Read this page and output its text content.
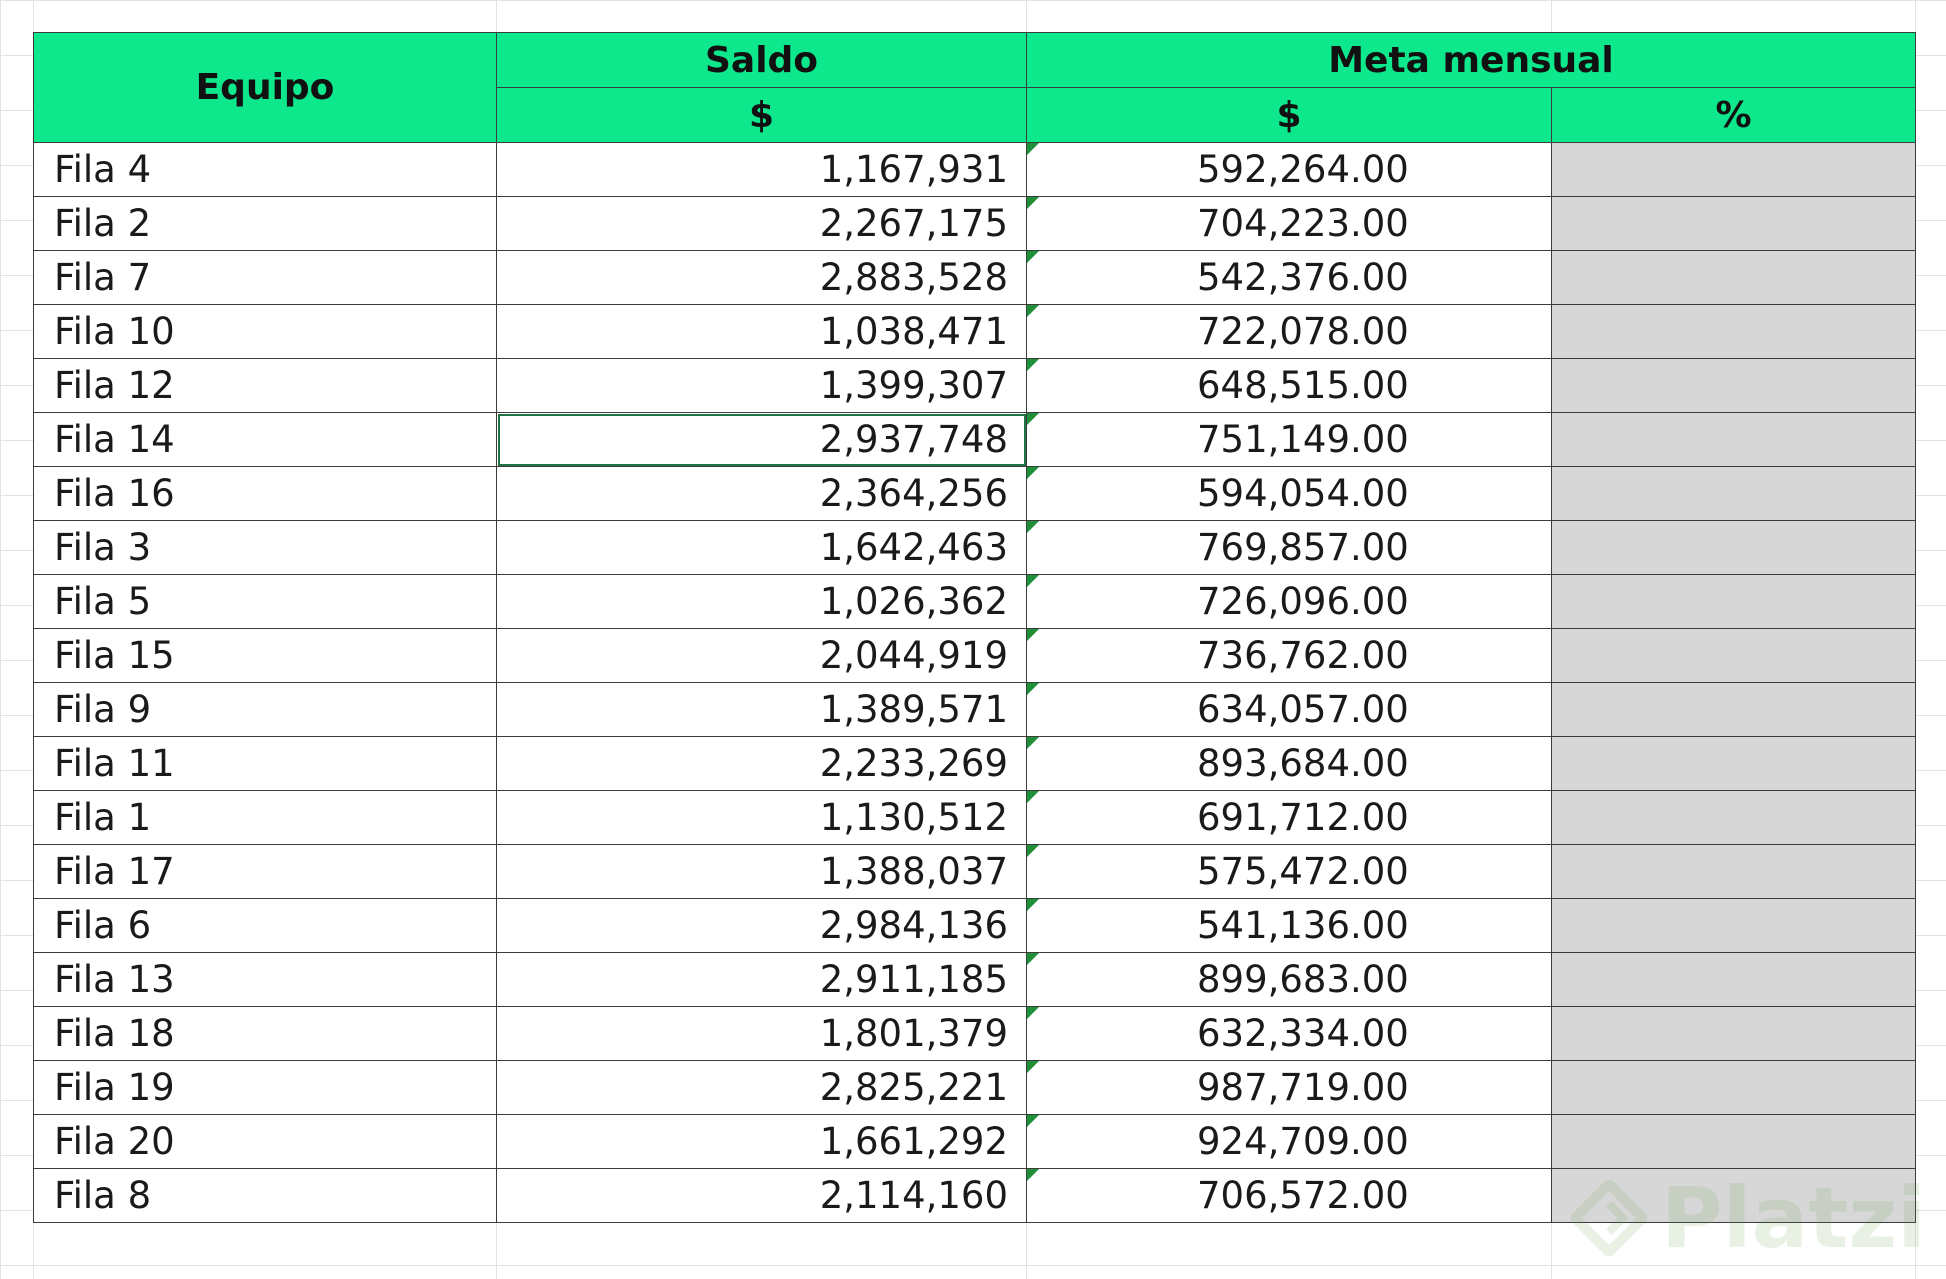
Equipo	Saldo	Meta mensual	
	$	$	%
Fila 4	1,167,931	592,264.00	
Fila 2	2,267,175	704,223.00	
Fila 7	2,883,528	542,376.00	
Fila 10	1,038,471	722,078.00	
Fila 12	1,399,307	648,515.00	
Fila 14	2,937,748	751,149.00	
Fila 16	2,364,256	594,054.00	
Fila 3	1,642,463	769,857.00	
Fila 5	1,026,362	726,096.00	
Fila 15	2,044,919	736,762.00	
Fila 9	1,389,571	634,057.00	
Fila 11	2,233,269	893,684.00	
Fila 1	1,130,512	691,712.00	
Fila 17	1,388,037	575,472.00	
Fila 6	2,984,136	541,136.00	
Fila 13	2,911,185	899,683.00	
Fila 18	1,801,379	632,334.00	
Fila 19	2,825,221	987,719.00	
Fila 20	1,661,292	924,709.00	
Fila 8	2,114,160	706,572.00		Platzi
